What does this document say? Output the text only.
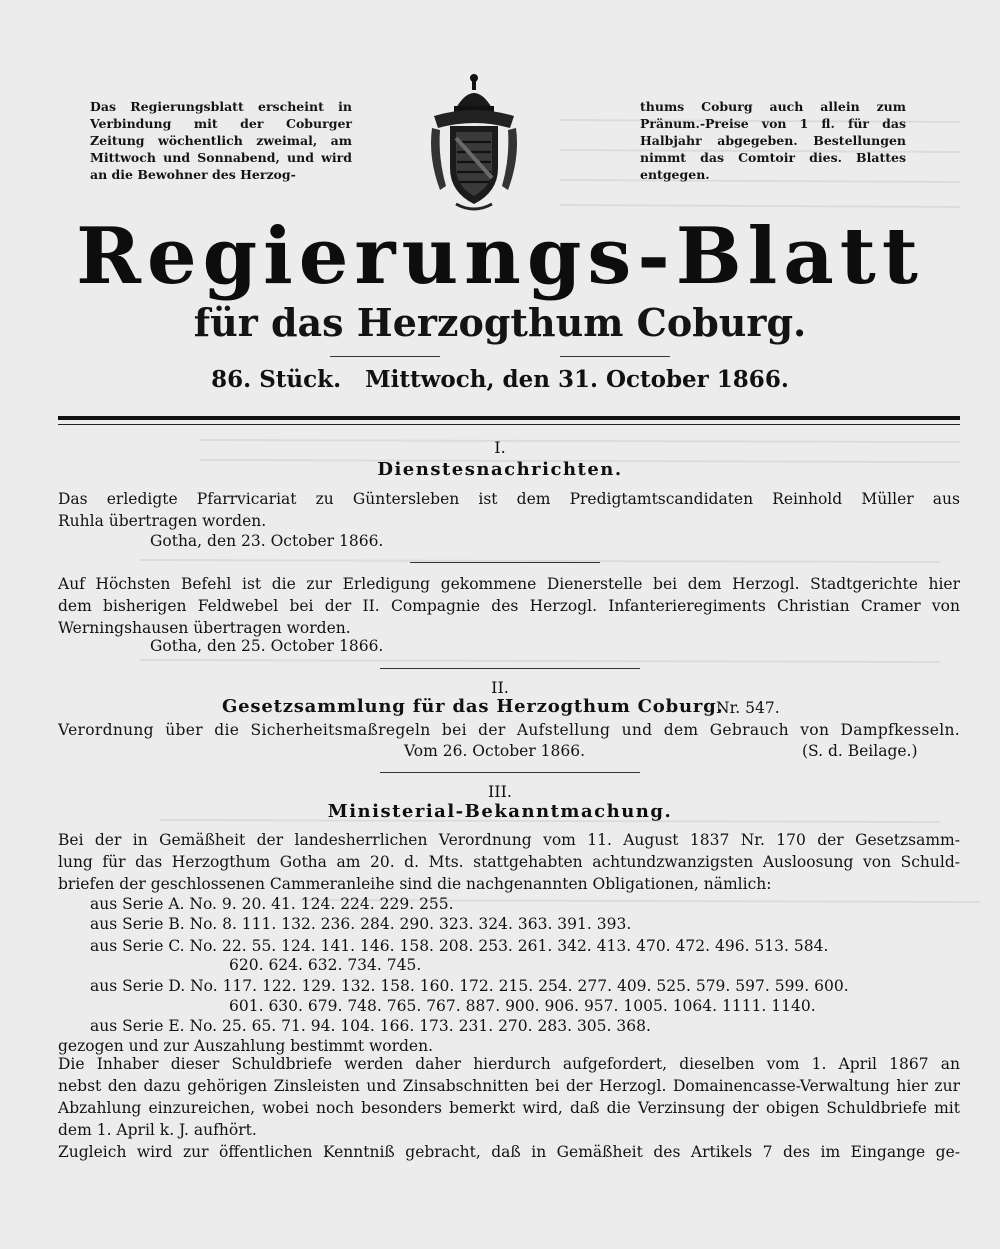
Das Regierungsblatt erscheint in Verbindung mit der Coburger Zeitung wöchentlich zweimal, am Mittwoch und Sonnabend, und wird an die Bewohner des Herzog-
thums Coburg auch allein zum Pränum.-Preise von 1 fl. für das Halbjahr abgegeben. Bestellungen nimmt das Comtoir dies. Blattes entgegen.
Regierungs-Blatt
für das Herzogthum Coburg.
86. Stück. Mittwoch, den 31. October 1866.
I.
Dienstesnachrichten.
Das erledigte Pfarrvicariat zu Güntersleben ist dem Predigtamtscandidaten Reinhold Müller aus
Ruhla übertragen worden.
Gotha, den 23. October 1866.
Auf Höchsten Befehl ist die zur Erledigung gekommene Dienerstelle bei dem Herzogl. Stadtgerichte hier
dem bisherigen Feldwebel bei der II. Compagnie des Herzogl. Infanterieregiments Christian Cramer von
Werningshausen übertragen worden.
Gotha, den 25. October 1866.
II.
Gesetzsammlung für das Herzogthum Coburg.
Nr. 547.
Verordnung über die Sicherheitsmaßregeln bei der Aufstellung und dem Gebrauch von Dampfkesseln.
Vom 26. October 1866.	(S. d. Beilage.)
III.
Ministerial-Bekanntmachung.
Bei der in Gemäßheit der landesherrlichen Verordnung vom 11. August 1837 Nr. 170 der Gesetzsamm-
lung für das Herzogthum Gotha am 20. d. Mts. stattgehabten achtundzwanzigsten Ausloosung von Schuld-
briefen der geschlossenen Cammeranleihe sind die nachgenannten Obligationen, nämlich:
aus Serie A. No. 9. 20. 41. 124. 224. 229. 255.
aus Serie B. No. 8. 111. 132. 236. 284. 290. 323. 324. 363. 391. 393.
aus Serie C. No. 22. 55. 124. 141. 146. 158. 208. 253. 261. 342. 413. 470. 472. 496. 513. 584.
620. 624. 632. 734. 745.
aus Serie D. No. 117. 122. 129. 132. 158. 160. 172. 215. 254. 277. 409. 525. 579. 597. 599. 600.
601. 630. 679. 748. 765. 767. 887. 900. 906. 957. 1005. 1064. 1111. 1140.
aus Serie E. No. 25. 65. 71. 94. 104. 166. 173. 231. 270. 283. 305. 368.
gezogen und zur Auszahlung bestimmt worden.
Die Inhaber dieser Schuldbriefe werden daher hierdurch aufgefordert, dieselben vom 1. April 1867 an
nebst den dazu gehörigen Zinsleisten und Zinsabschnitten bei der Herzogl. Domainencasse-Verwaltung hier zur
Abzahlung einzureichen, wobei noch besonders bemerkt wird, daß die Verzinsung der obigen Schuldbriefe mit
dem 1. April k. J. aufhört.
Zugleich wird zur öffentlichen Kenntniß gebracht, daß in Gemäßheit des Artikels 7 des im Eingange ge-
